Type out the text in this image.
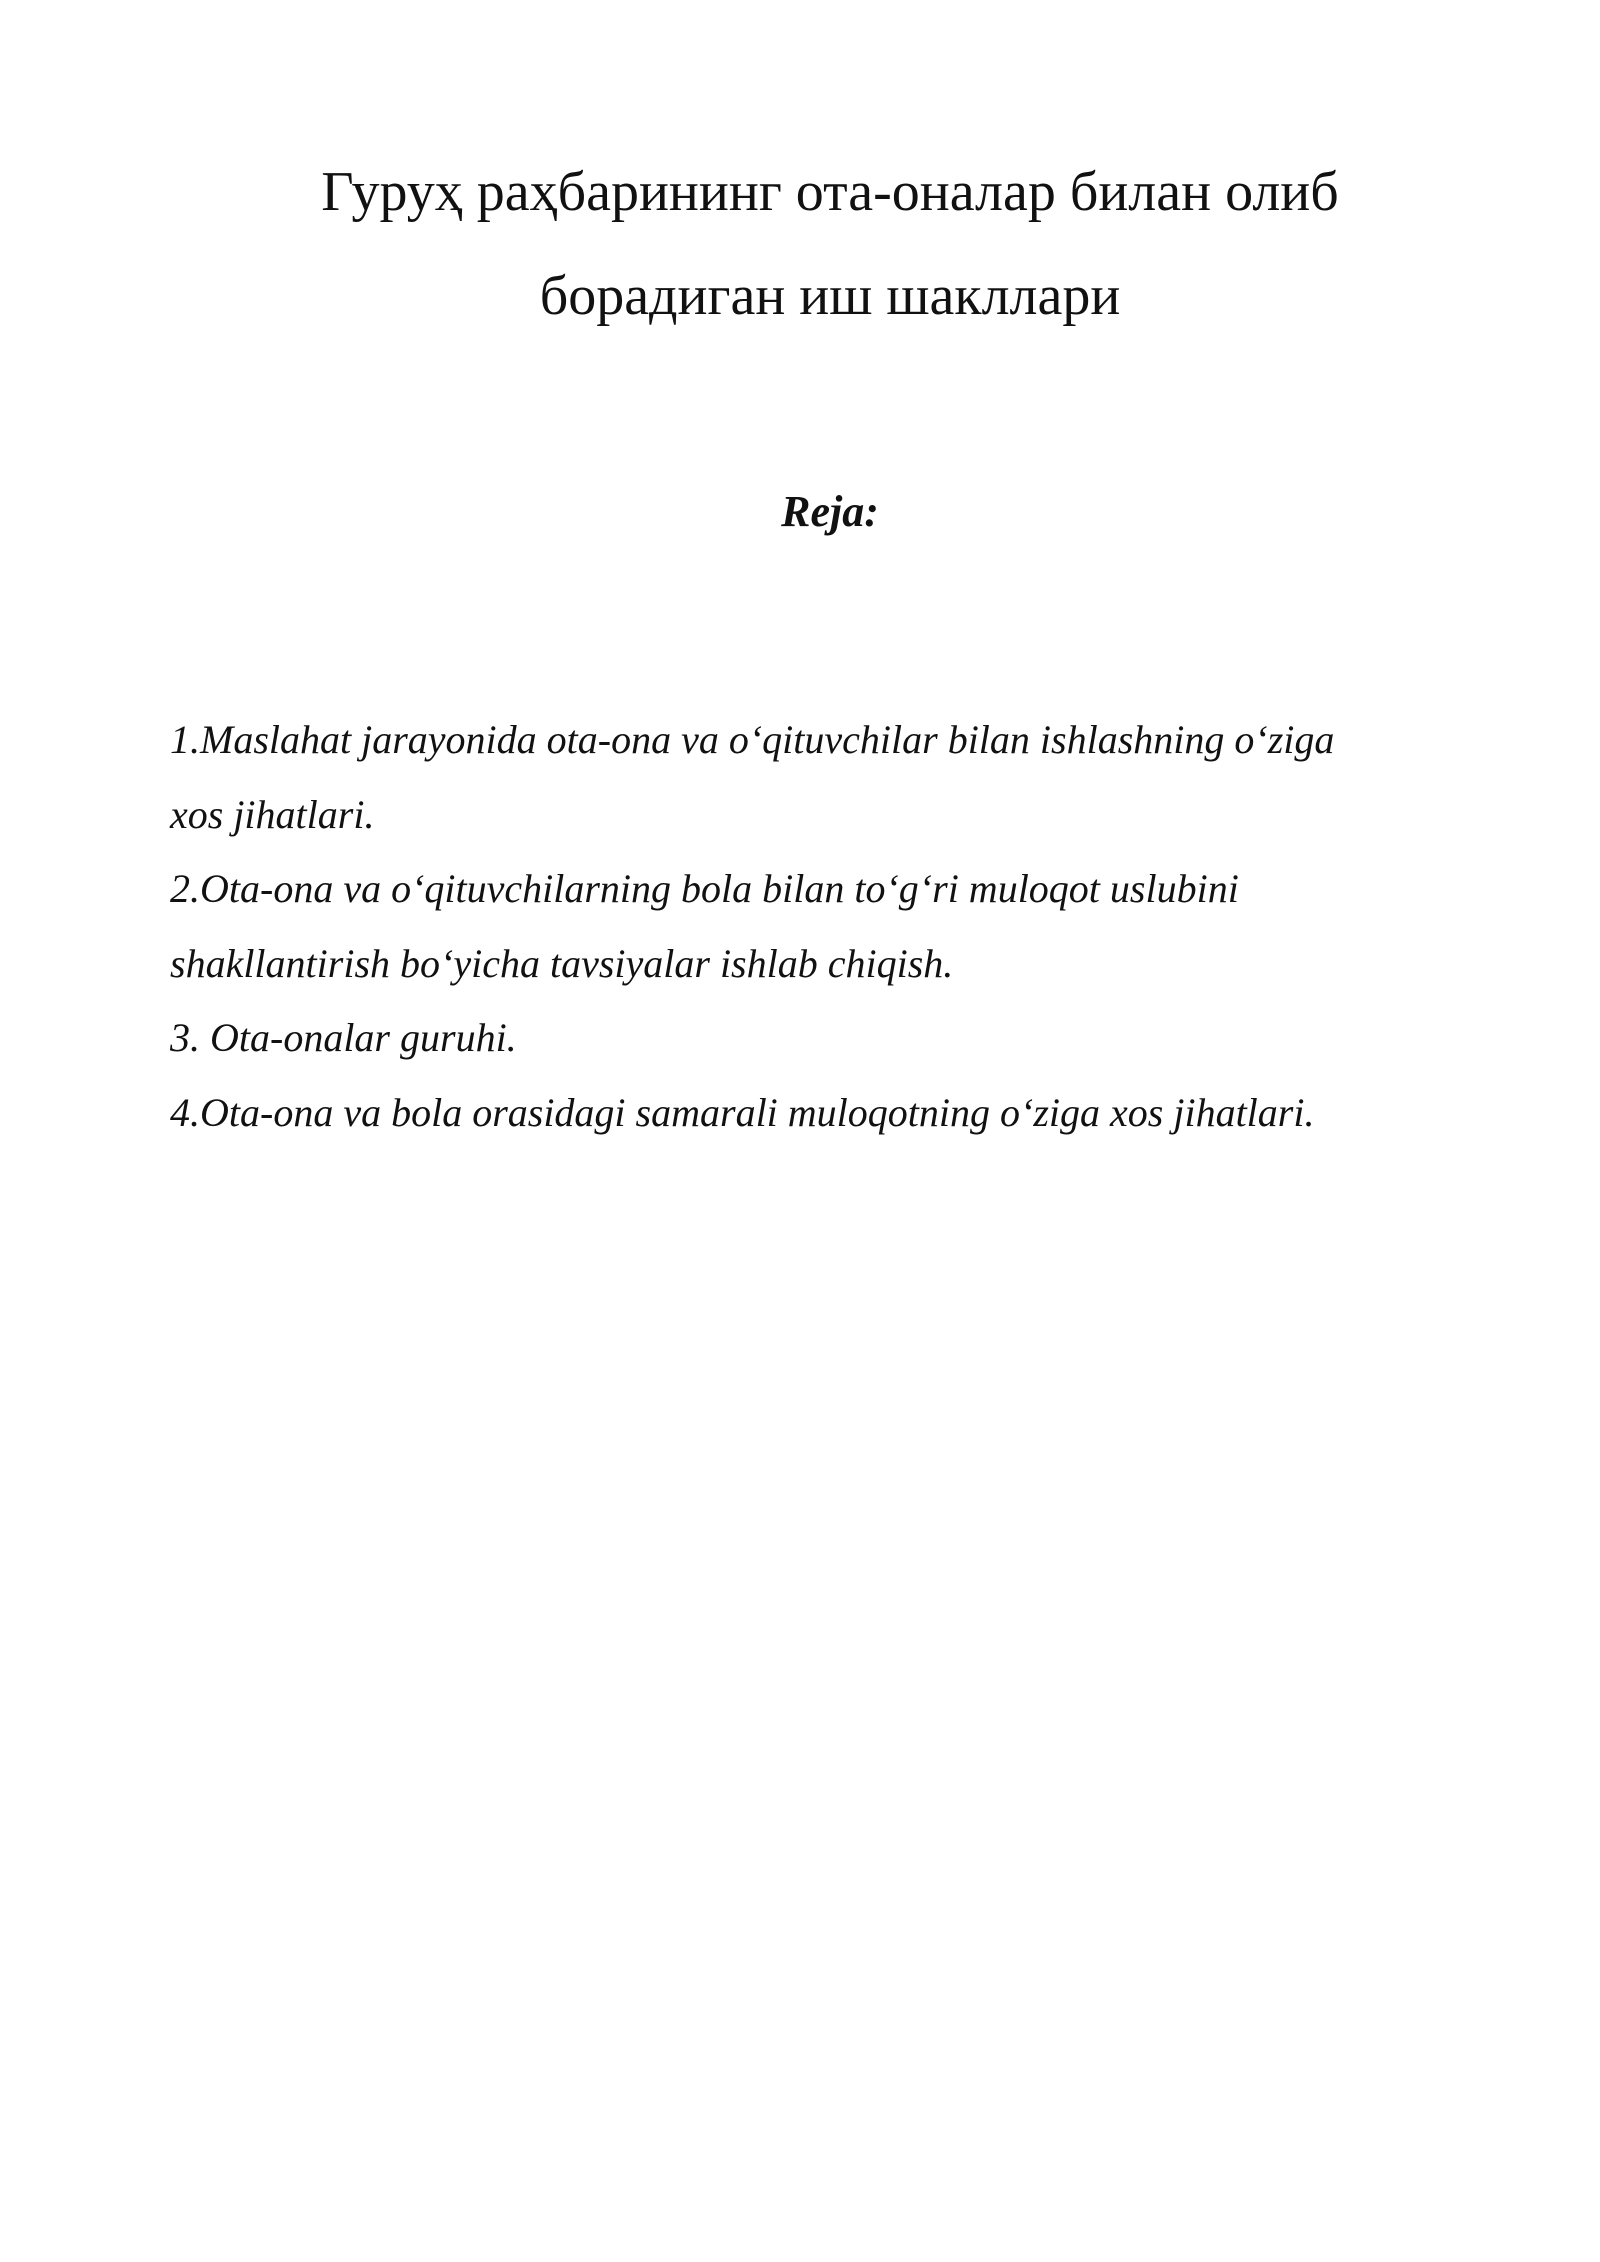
Гуруҳ раҳбарининг ота-оналар билан олиб
борадиган иш шакллари
Reja:
1.Maslahat jarayonida ota-ona va o‘qituvchilar bilan ishlashning o‘ziga
xos jihatlari.
2.Ota-ona va o‘qituvchilarning bola bilan to‘g‘ri muloqot uslubini
shakllantirish bo‘yicha tavsiyalar ishlab chiqish.
3. Ota-onalar guruhi.
4.Ota-ona va bola orasidagi samarali muloqotning o‘ziga xos jihatlari.
